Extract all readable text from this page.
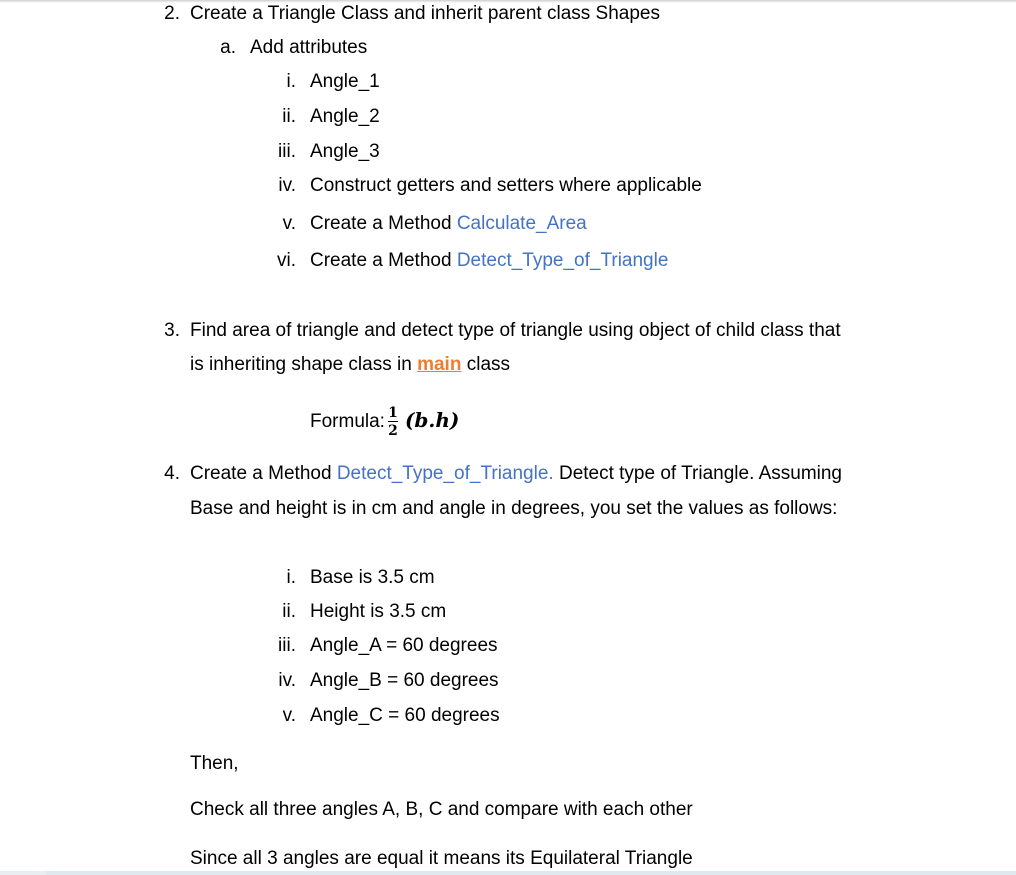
2. Create a Triangle Class and inherit parent class Shapes
a. Add attributes
i. Angle_1
ii. Angle_2
iii. Angle_3
iv. Construct getters and setters where applicable
v. Create a Method Calculate_Area
vi. Create a Method Detect_Type_of_Triangle
3. Find area of triangle and detect type of triangle using object of child class that
is inheriting shape class in main class
Formula: $\frac{1}{2} (b.h)$
4. Create a Method Detect_Type_of_Triangle. Detect type of Triangle. Assuming
Base and height is in cm and angle in degrees, you set the values as follows:
i. Base is 3.5 cm
ii. Height is 3.5 cm
iii. Angle_A = 60 degrees
iv. Angle_B = 60 degrees
v. Angle_C = 60 degrees
Then,
Check all three angles A, B, C and compare with each other
Since all 3 angles are equal it means its Equilateral Triangle
